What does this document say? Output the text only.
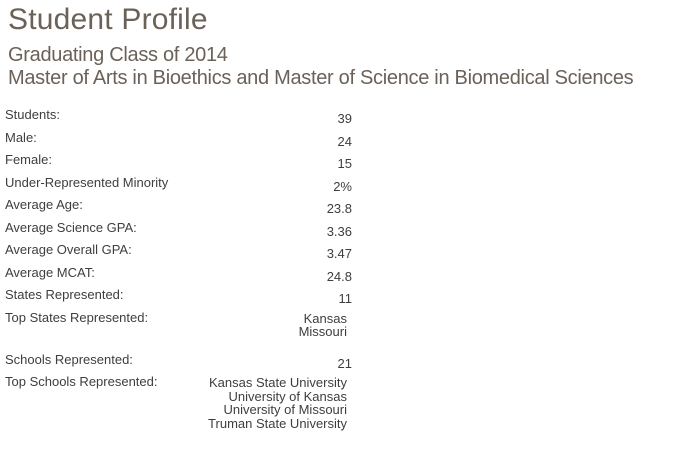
Student Profile
Graduating Class of 2014
Master of Arts in Bioethics and Master of Science in Biomedical Sciences
Students:	39
Male:	24
Female:	15
Under-Represented Minority	2%
Average Age:	23.8
Average Science GPA:	3.36
Average Overall GPA:	3.47
Average MCAT:	24.8
States Represented:	11
Top States Represented:	Kansas
Missouri
Schools Represented:	21
Top Schools Represented:	Kansas State University
University of Kansas
University of Missouri
Truman State University
